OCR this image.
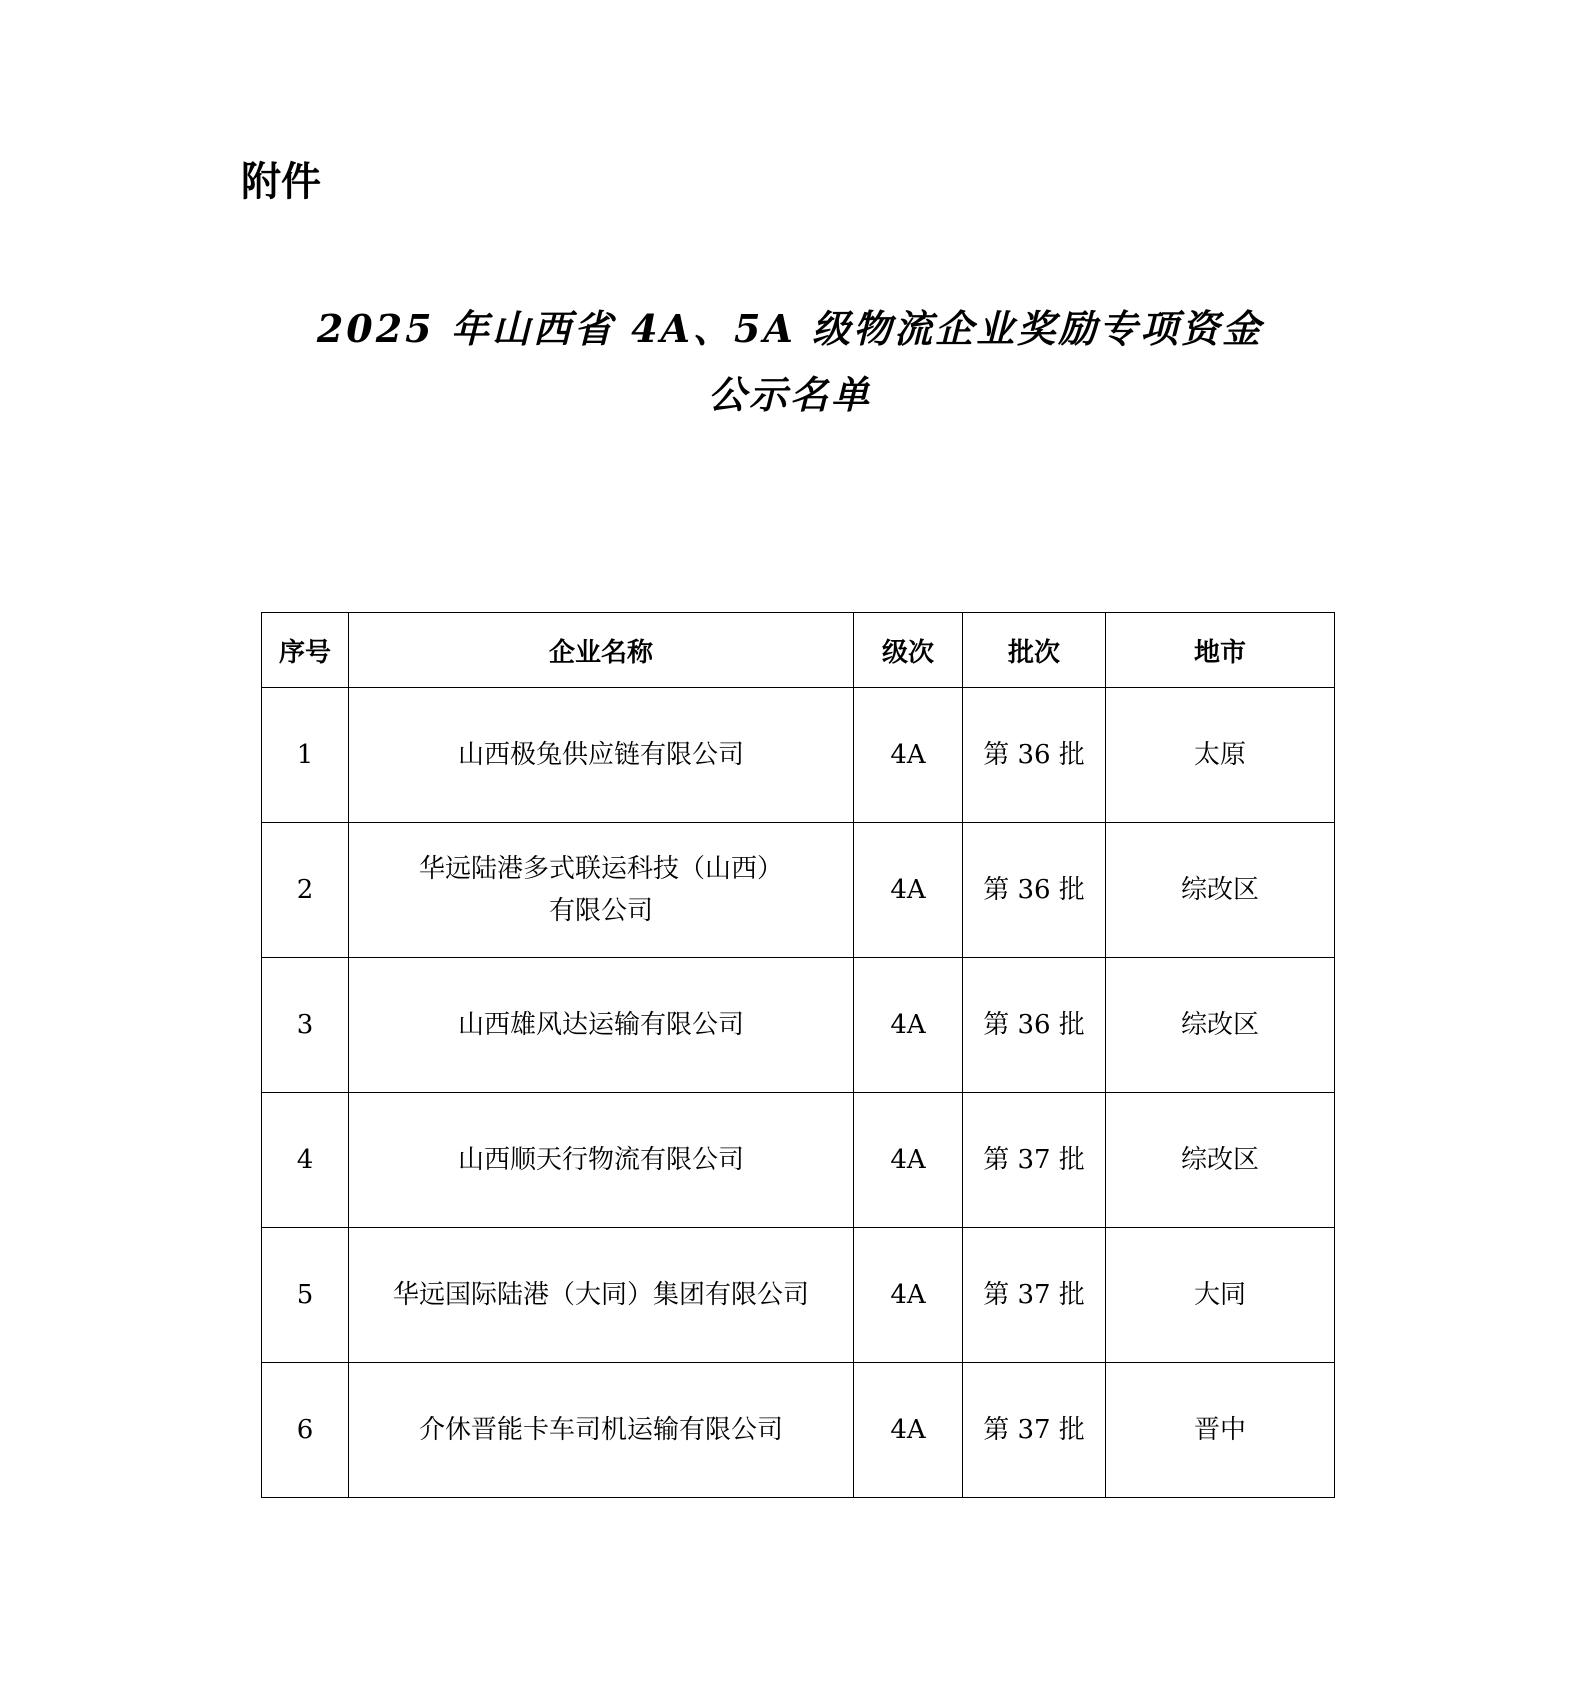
附件
2025 年山西省 4A、5A 级物流企业奖励专项资金
公示名单
序号	企业名称	级次	批次	地市
1	山西极兔供应链有限公司	4A	第 36 批	太原
2	华远陆港多式联运科技（山西）
有限公司	4A	第 36 批	综改区
3	山西雄风达运输有限公司	4A	第 36 批	综改区
4	山西顺天行物流有限公司	4A	第 37 批	综改区
5	华远国际陆港（大同）集团有限公司	4A	第 37 批	大同
6	介休晋能卡车司机运输有限公司	4A	第 37 批	晋中
